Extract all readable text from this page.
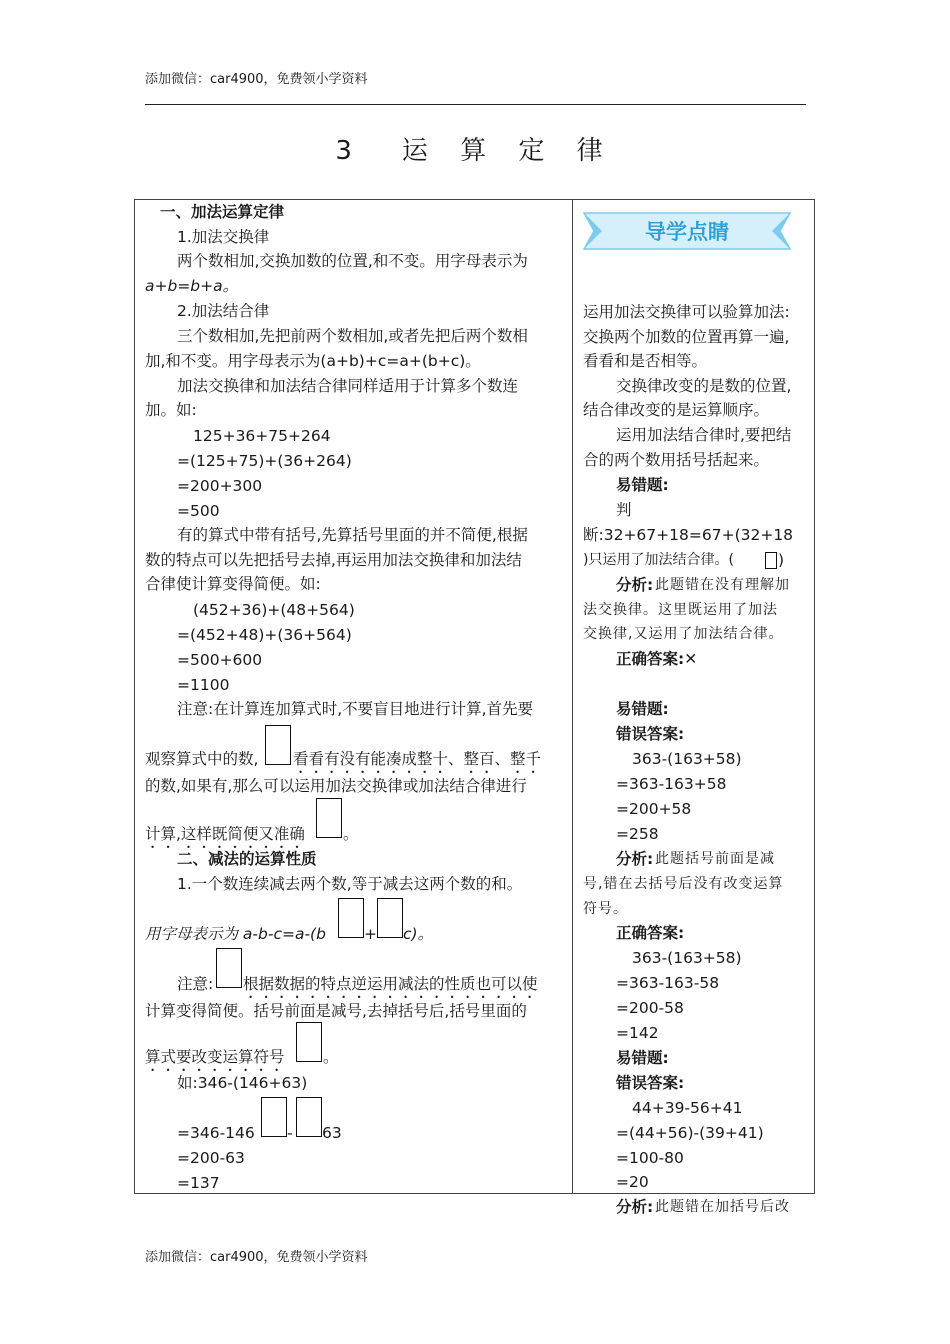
添加微信：car4900，免费领小学资料
3　运 算 定 律
一、加法运算定律
1.加法交换律
两个数相加,交换加数的位置,和不变。用字母表示为
a+b=b+a。
2.加法结合律
三个数相加,先把前两个数相加,或者先把后两个数相
加,和不变。用字母表示为(a+b)+c=a+(b+c)。
加法交换律和加法结合律同样适用于计算多个数连
加。如:
125+36+75+264
=(125+75)+(36+264)
=200+300
=500
有的算式中带有括号,先算括号里面的并不简便,根据
数的特点可以先把括号去掉,再运用加法交换律和加法结
合律使计算变得简便。如:
(452+36)+(48+564)
=(452+48)+(36+564)
=500+600
=1100
注意:在计算连加算式时,不要盲目地进行计算,首先要
观察算式中的数, 看看有没有能凑成整十、整百、整千
的数,如果有,那么可以运用加法交换律或加法结合律进行
计算,这样既简便又准确 。
二、减法的运算性质
1.一个数连续减去两个数,等于减去这两个数的和。
用字母表示为 a-b-c=a-(b + c)。
注意: 根据数据的特点逆运用减法的性质也可以使
计算变得简便。括号前面是减号,去掉括号后,括号里面的
算式要改变运算符号 。
如:346-(146+63)
=346-146 - 63
=200-63
=137
导学点睛
运用加法交换律可以验算加法:
交换两个加数的位置再算一遍,
看看和是否相等。
交换律改变的是数的位置,
结合律改变的是运算顺序。
运用加法结合律时,要把结
合的两个数用括号括起来。
易错题:
判
断:32+67+18=67+(32+18
)只运用了加法结合律。(	)
分析: 此题错在没有理解加
法交换律。这里既运用了加法
交换律,又运用了加法结合律。
正确答案:✕
易错题:
错误答案:
363-(163+58)
=363-163+58
=200+58
=258
分析: 此题括号前面是减
号,错在去括号后没有改变运算
符号。
正确答案:
363-(163+58)
=363-163-58
=200-58
=142
易错题:
错误答案:
44+39-56+41
=(44+56)-(39+41)
=100-80
=20
分析: 此题错在加括号后改
添加微信：car4900，免费领小学资料
